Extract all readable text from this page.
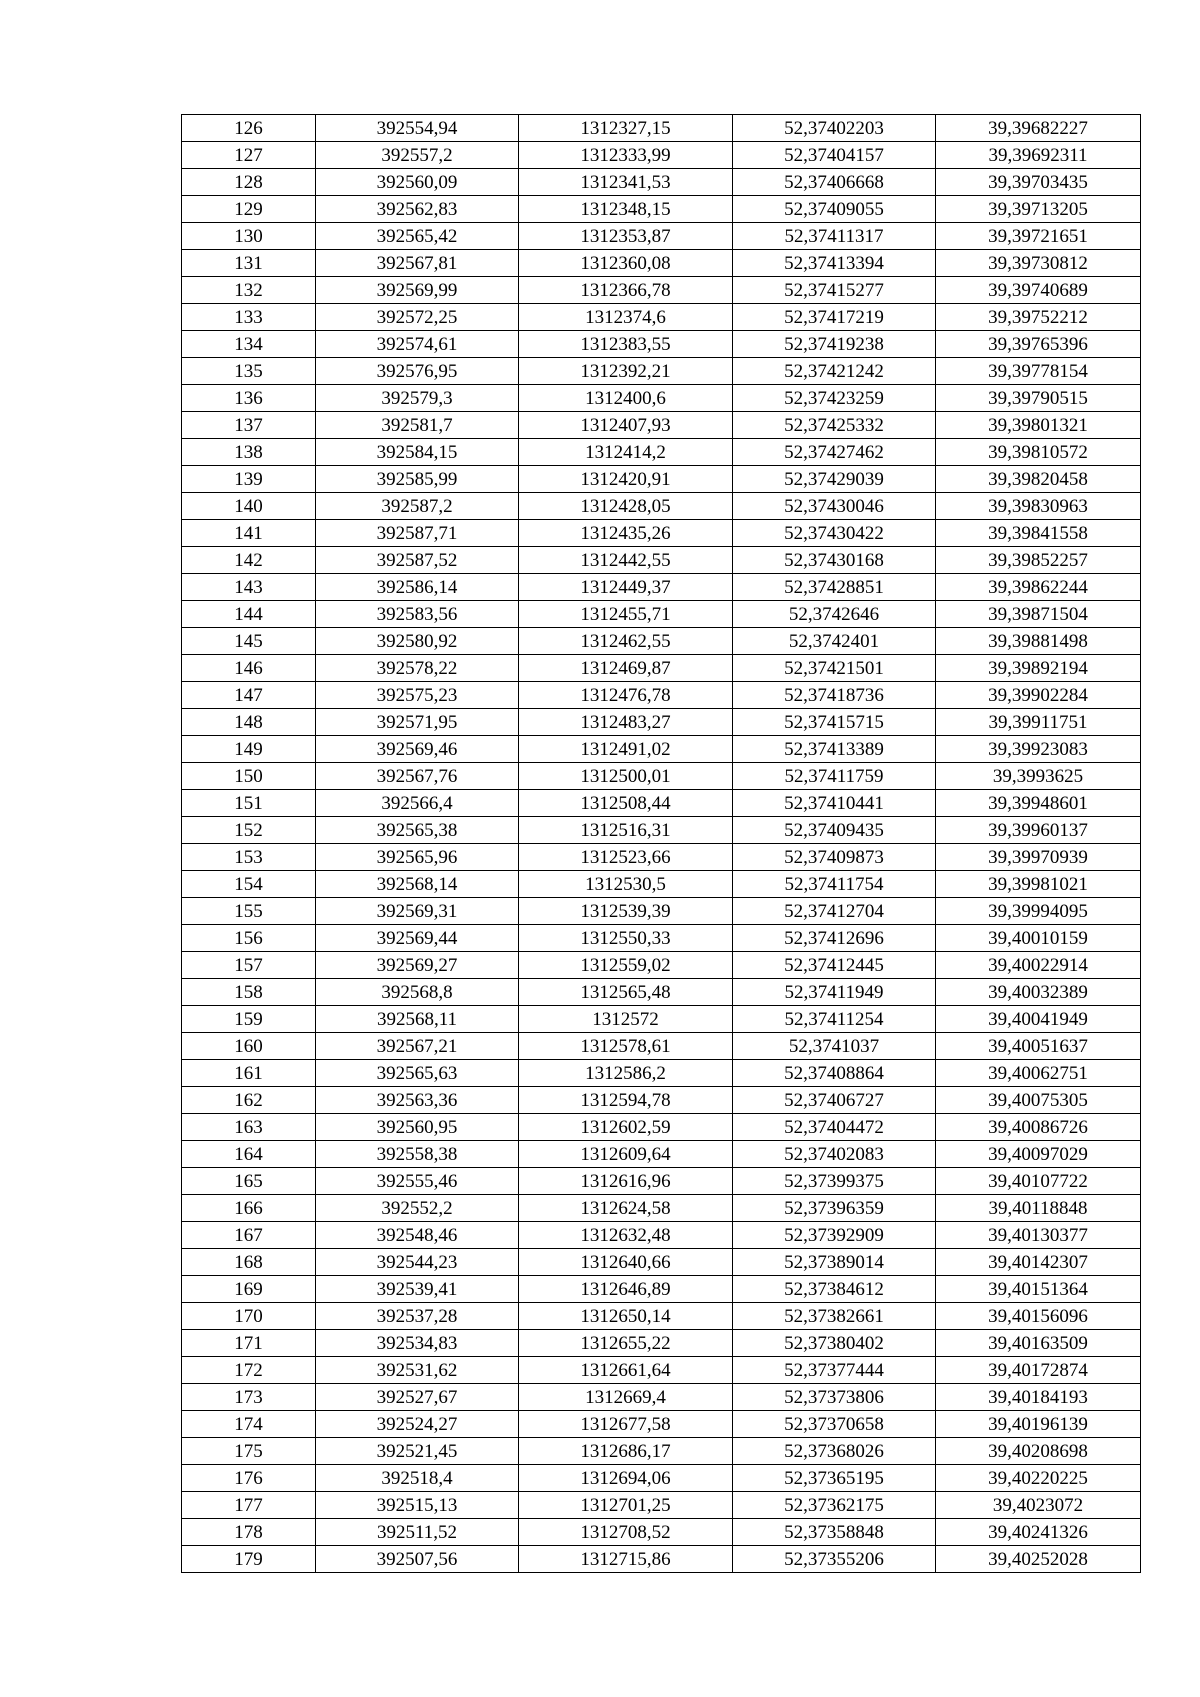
126	392554,94	1312327,15	52,37402203	39,39682227
127	392557,2	1312333,99	52,37404157	39,39692311
128	392560,09	1312341,53	52,37406668	39,39703435
129	392562,83	1312348,15	52,37409055	39,39713205
130	392565,42	1312353,87	52,37411317	39,39721651
131	392567,81	1312360,08	52,37413394	39,39730812
132	392569,99	1312366,78	52,37415277	39,39740689
133	392572,25	1312374,6	52,37417219	39,39752212
134	392574,61	1312383,55	52,37419238	39,39765396
135	392576,95	1312392,21	52,37421242	39,39778154
136	392579,3	1312400,6	52,37423259	39,39790515
137	392581,7	1312407,93	52,37425332	39,39801321
138	392584,15	1312414,2	52,37427462	39,39810572
139	392585,99	1312420,91	52,37429039	39,39820458
140	392587,2	1312428,05	52,37430046	39,39830963
141	392587,71	1312435,26	52,37430422	39,39841558
142	392587,52	1312442,55	52,37430168	39,39852257
143	392586,14	1312449,37	52,37428851	39,39862244
144	392583,56	1312455,71	52,3742646	39,39871504
145	392580,92	1312462,55	52,3742401	39,39881498
146	392578,22	1312469,87	52,37421501	39,39892194
147	392575,23	1312476,78	52,37418736	39,39902284
148	392571,95	1312483,27	52,37415715	39,39911751
149	392569,46	1312491,02	52,37413389	39,39923083
150	392567,76	1312500,01	52,37411759	39,3993625
151	392566,4	1312508,44	52,37410441	39,39948601
152	392565,38	1312516,31	52,37409435	39,39960137
153	392565,96	1312523,66	52,37409873	39,39970939
154	392568,14	1312530,5	52,37411754	39,39981021
155	392569,31	1312539,39	52,37412704	39,39994095
156	392569,44	1312550,33	52,37412696	39,40010159
157	392569,27	1312559,02	52,37412445	39,40022914
158	392568,8	1312565,48	52,37411949	39,40032389
159	392568,11	1312572	52,37411254	39,40041949
160	392567,21	1312578,61	52,3741037	39,40051637
161	392565,63	1312586,2	52,37408864	39,40062751
162	392563,36	1312594,78	52,37406727	39,40075305
163	392560,95	1312602,59	52,37404472	39,40086726
164	392558,38	1312609,64	52,37402083	39,40097029
165	392555,46	1312616,96	52,37399375	39,40107722
166	392552,2	1312624,58	52,37396359	39,40118848
167	392548,46	1312632,48	52,37392909	39,40130377
168	392544,23	1312640,66	52,37389014	39,40142307
169	392539,41	1312646,89	52,37384612	39,40151364
170	392537,28	1312650,14	52,37382661	39,40156096
171	392534,83	1312655,22	52,37380402	39,40163509
172	392531,62	1312661,64	52,37377444	39,40172874
173	392527,67	1312669,4	52,37373806	39,40184193
174	392524,27	1312677,58	52,37370658	39,40196139
175	392521,45	1312686,17	52,37368026	39,40208698
176	392518,4	1312694,06	52,37365195	39,40220225
177	392515,13	1312701,25	52,37362175	39,4023072
178	392511,52	1312708,52	52,37358848	39,40241326
179	392507,56	1312715,86	52,37355206	39,40252028
